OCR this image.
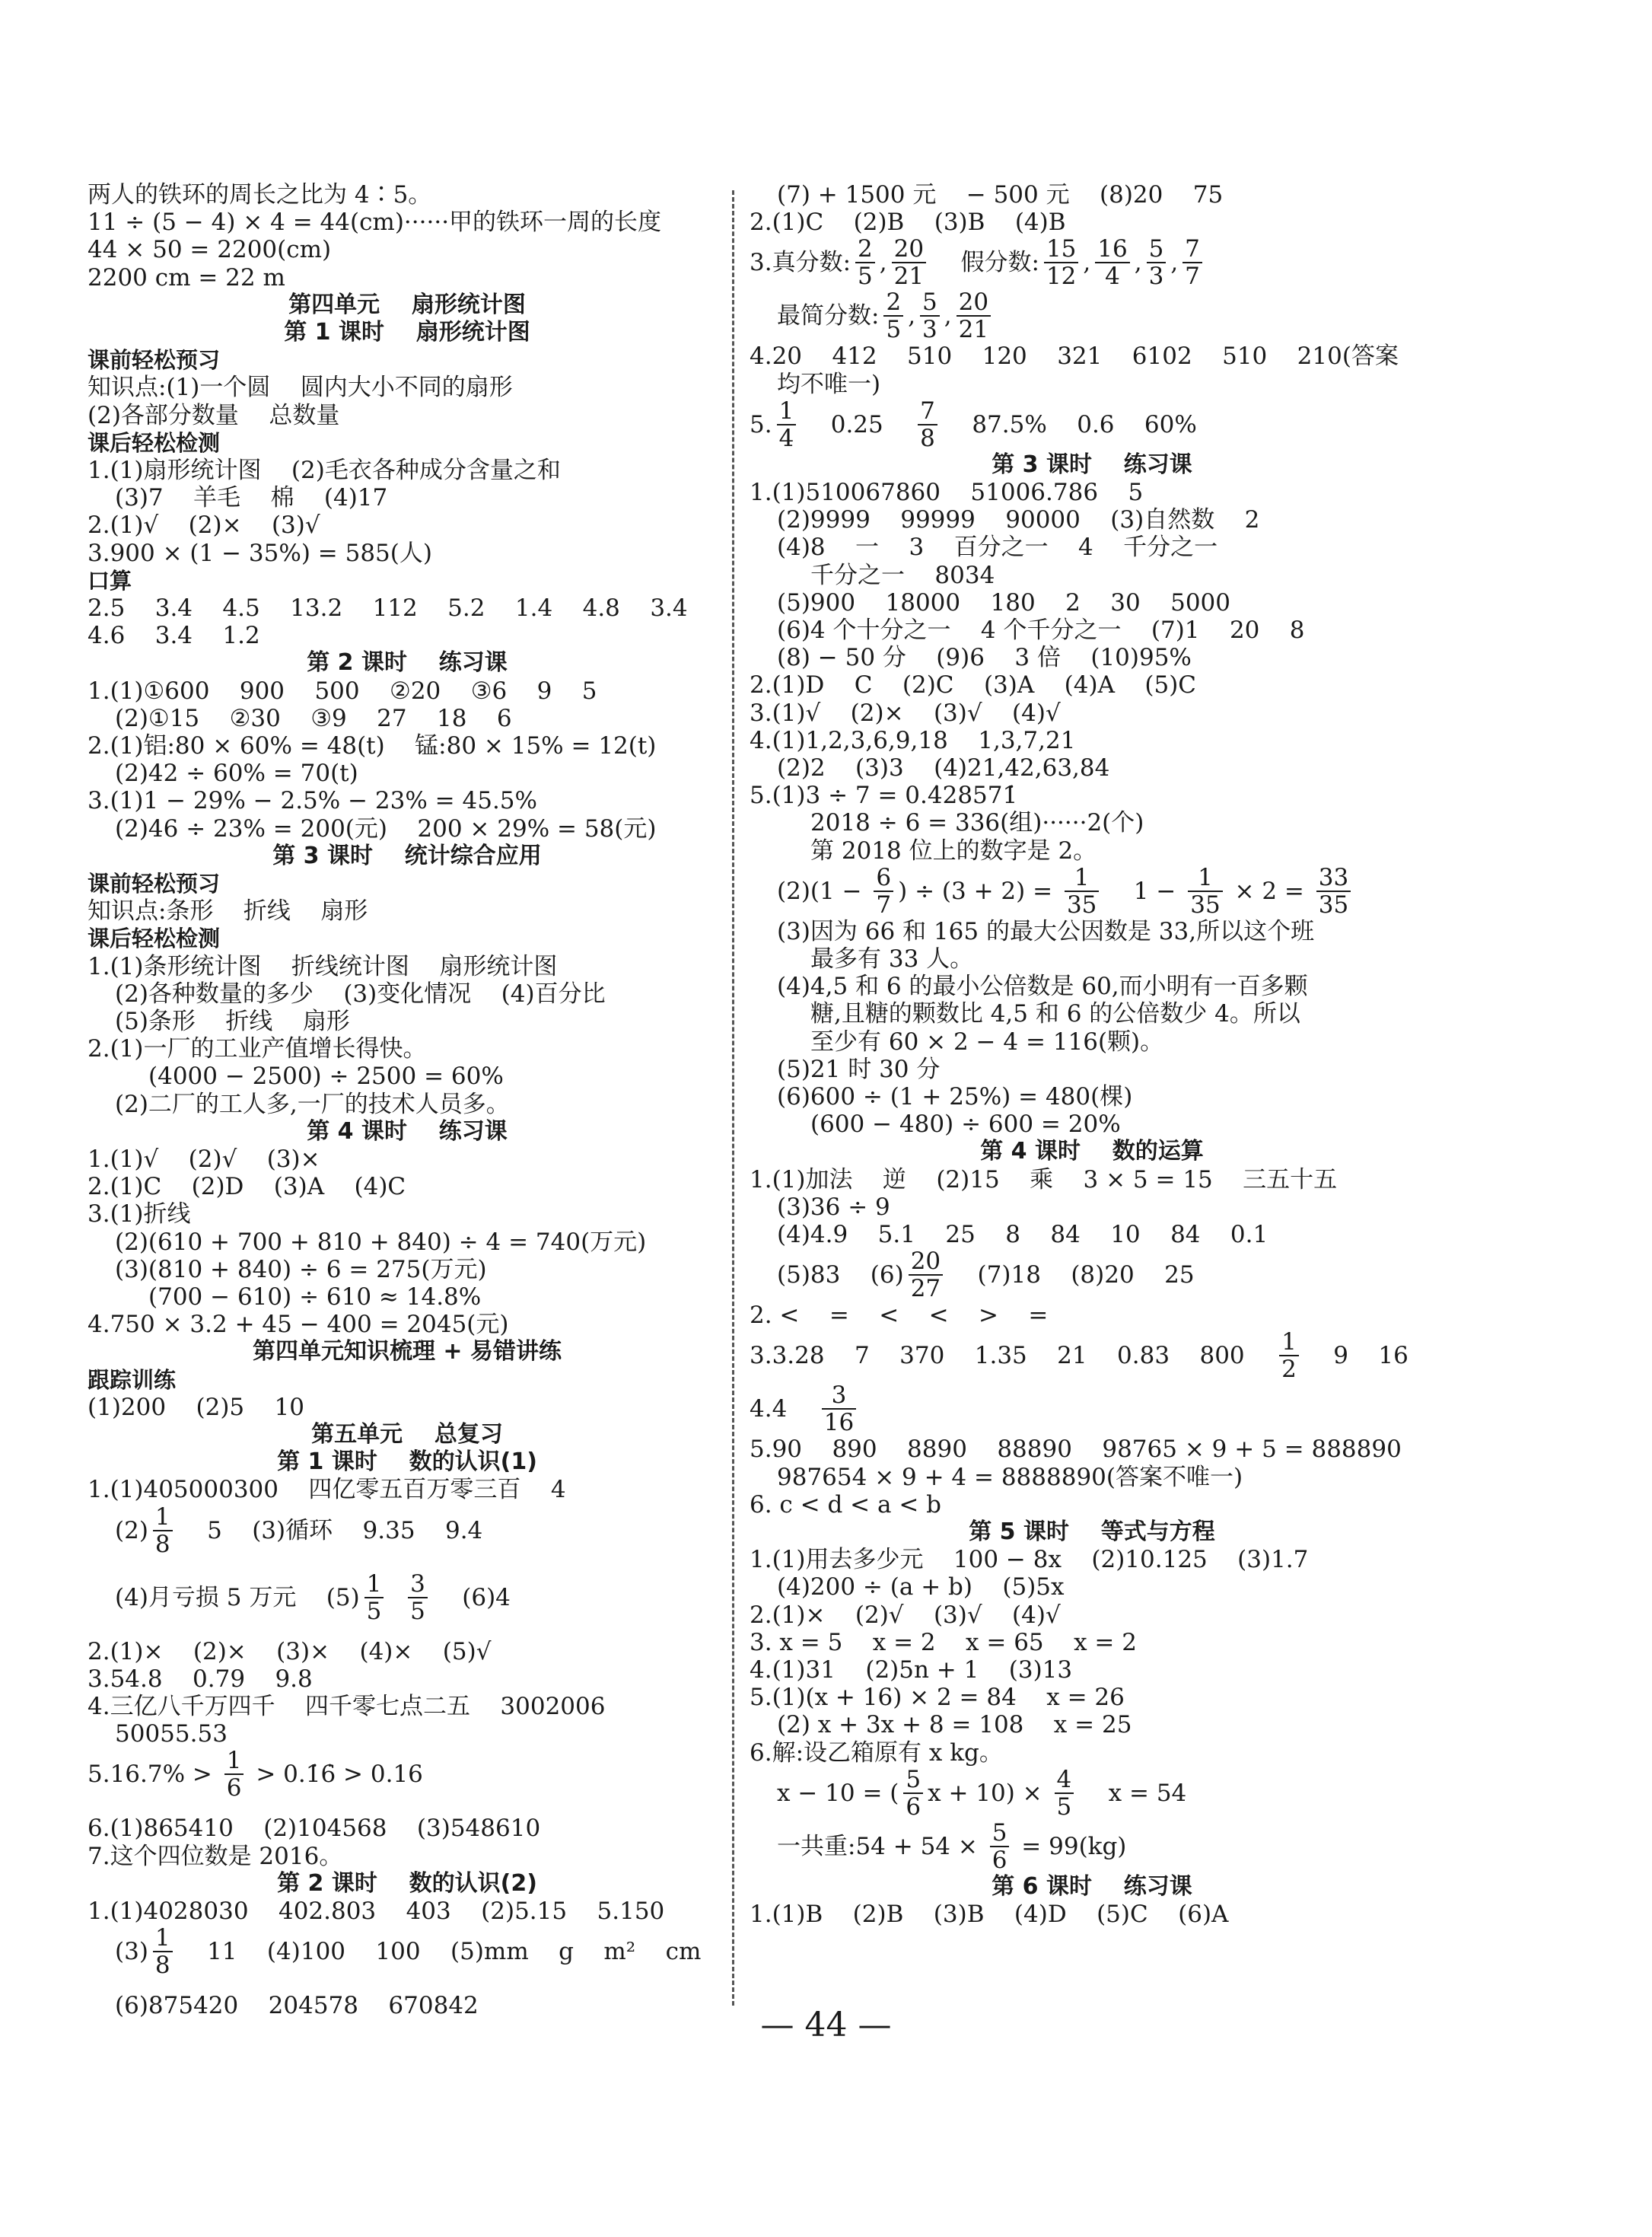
两人的铁环的周长之比为 4∶5。
11 ÷ (5 − 4) × 4 = 44(cm)······甲的铁环一周的长度
44 × 50 = 2200(cm)
2200 cm = 22 m
第四单元    扇形统计图
第 1 课时    扇形统计图
课前轻松预习
知识点:(1)一个圆    圆内大小不同的扇形
(2)各部分数量    总数量
课后轻松检测
1.(1)扇形统计图    (2)毛衣各种成分含量之和
(3)7    羊毛    棉    (4)17
2.(1)√    (2)×    (3)√
3.900 × (1 − 35%) = 585(人)
口算
2.5    3.4    4.5    13.2    112    5.2    1.4    4.8    3.4
4.6    3.4    1.2
第 2 课时    练习课
1.(1)①600    900    500    ②20    ③6    9    5
(2)①15    ②30    ③9    27    18    6
2.(1)铝:80 × 60% = 48(t)    锰:80 × 15% = 12(t)
(2)42 ÷ 60% = 70(t)
3.(1)1 − 29% − 2.5% − 23% = 45.5%
(2)46 ÷ 23% = 200(元)    200 × 29% = 58(元)
第 3 课时    统计综合应用
课前轻松预习
知识点:条形    折线    扇形
课后轻松检测
1.(1)条形统计图    折线统计图    扇形统计图
(2)各种数量的多少    (3)变化情况    (4)百分比
(5)条形    折线    扇形
2.(1)一厂的工业产值增长得快。
(4000 − 2500) ÷ 2500 = 60%
(2)二厂的工人多,一厂的技术人员多。
第 4 课时    练习课
1.(1)√    (2)√    (3)×
2.(1)C    (2)D    (3)A    (4)C
3.(1)折线
(2)(610 + 700 + 810 + 840) ÷ 4 = 740(万元)
(3)(810 + 840) ÷ 6 = 275(万元)
(700 − 610) ÷ 610 ≈ 14.8%
4.750 × 3.2 + 45 − 400 = 2045(元)
第四单元知识梳理 + 易错讲练
跟踪训练
(1)200    (2)5    10
第五单元    总复习
第 1 课时    数的认识(1)
1.(1)405000300    四亿零五百万零三百    4
$(2) \frac{1}{8} 5$    (3)循环    9.35    9.4
(4)月亏损 5 万元    $(5) \frac{1}{5}$
$\frac{3}{5} (6)4$
2.(1)×    (2)×    (3)×    (4)×    (5)√
3.54.8    0.79    9.8
4.三亿八千万四千    四千零七点二五    3002006
50055.53
$5.16.7\% > \frac{1}{6}$ > 0.1̇6̇ > 0.16
6.(1)865410    (2)104568    (3)548610
7.这个四位数是 2016。
第 2 课时    数的认识(2)
1.(1)4028030    402.803    403    (2)5.15    5.150
$(3) \frac{1}{8} 11$    (4)100    100    (5)mm    g    m²    cm
(6)875420    204578    670842
(7) + 1500 元    − 500 元    (8)20    75
2.(1)C    (2)B    (3)B    (4)B
3.真分数: $\frac{2}{5}$ , $\frac{20}{21}$ 假分数: $\frac{15}{12}$ , $\frac{16}{4}$ , $\frac{5}{3}$ , $\frac{7}{7}$
最简分数: $\frac{2}{5}$ , $\frac{5}{3}$ , $\frac{20}{21}$
4.20    412    510    120    321    6102    510    210(答案
均不唯一)
5. $\frac{1}{4} 0.25 \frac{7}{8} 87.5\%$    0.6    60%
第 3 课时    练习课
1.(1)510067860    51006.786    5
(2)9999    99999    90000    (3)自然数    2
(4)8    一    3    百分之一    4    千分之一
千分之一    8034
(5)900    18000    180    2    30    5000
(6)4 个十分之一    4 个千分之一    (7)1    20    8
(8) − 50 分    (9)6    3 倍    (10)95%
2.(1)D    C    (2)C    (3)A    (4)A    (5)C
3.(1)√    (2)×    (3)√    (4)√
4.(1)1,2,3,6,9,18    1,3,7,21
(2)2    (3)3    (4)21,42,63,84
5.(1)3 ÷ 7 = 0.4̇28571̇
2018 ÷ 6 = 336(组)······2(个)
第 2018 位上的数字是 2。
$(2)(1 - \frac{6}{7}$ ) ÷ $(3 + 2) = \frac{1}{35} 1 - \frac{1}{35} \times 2 = \frac{33}{35}$
(3)因为 66 和 165 的最大公因数是 33,所以这个班
最多有 33 人。
(4)4,5 和 6 的最小公倍数是 60,而小明有一百多颗
糖,且糖的颗数比 4,5 和 6 的公倍数少 4。所以
至少有 60 × 2 − 4 = 116(颗)。
(5)21 时 30 分
(6)600 ÷ (1 + 25%) = 480(棵)
(600 − 480) ÷ 600 = 20%
第 4 课时    数的运算
1.(1)加法    逆    (2)15    乘    3 × 5 = 15    三五十五
(3)36 ÷ 9
(4)4.9    5.1    25    8    84    10    84    0.1
(5)83    $(6) \frac{20}{27} (7)18$    (8)20    25
2. <    =    <    <    >    =
3.3.28    7    370    1.35    21    0.83    $800 \frac{1}{2} 9$    16
$4.4 \frac{3}{16}$
5.90    890    8890    88890    98765 × 9 + 5 = 888890
987654 × 9 + 4 = 8888890(答案不唯一)
6. c < d < a < b
第 5 课时    等式与方程
1.(1)用去多少元    100 − 8x    (2)10.125    (3)1.7
(4)200 ÷ (a + b)    (5)5x
2.(1)×    (2)√    (3)√    (4)√
3. x = 5    x = 2    x = 65    x = 2
4.(1)31    (2)5n + 1    (3)13
5.(1)(x + 16) × 2 = 84    x = 26
(2) x + 3x + 8 = 108    x = 25
6.解:设乙箱原有 x kg。
x − 10 = ( $\frac{5}{6}$ $x + 10) \times \frac{4}{5}$ x = 54
一共重:54 + $54 \times \frac{5}{6} = 99(kg)$
第 6 课时    练习课
1.(1)B    (2)B    (3)B    (4)D    (5)C    (6)A
— 44 —
